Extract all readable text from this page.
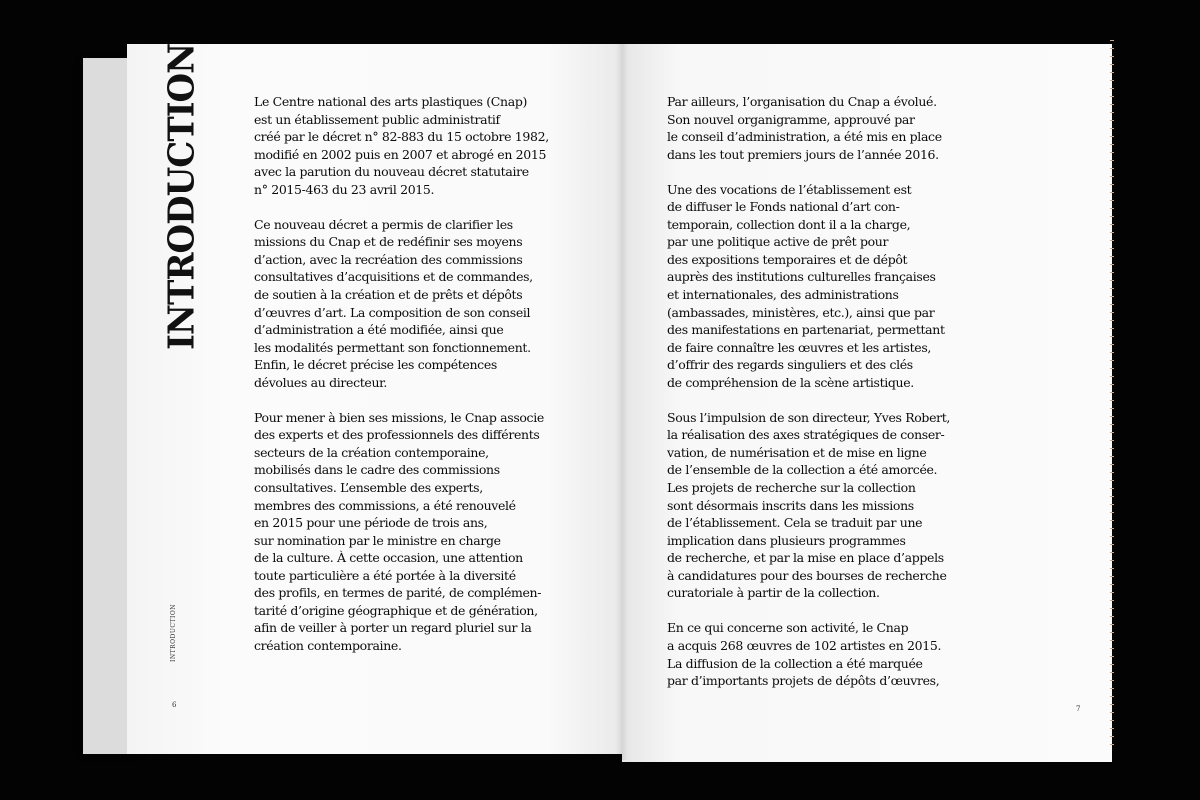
INTRODUCTION
INTRODUCTION
6	7
Le Centre national des arts plastiques (Cnap)
est un établissement public administratif
créé par le décret n° 82-883 du 15 octobre 1982,
modifié en 2002 puis en 2007 et abrogé en 2015
avec la parution du nouveau décret statutaire
n° 2015-463 du 23 avril 2015.
Ce nouveau décret a permis de clarifier les
missions du Cnap et de redéfinir ses moyens
d’action, avec la recréation des commissions
consultatives d’acquisitions et de commandes,
de soutien à la création et de prêts et dépôts
d’œuvres d’art. La composition de son conseil
d’administration a été modifiée, ainsi que
les modalités permettant son fonctionnement.
Enfin, le décret précise les compétences
dévolues au directeur.
Pour mener à bien ses missions, le Cnap associe
des experts et des professionnels des différents
secteurs de la création contemporaine,
mobilisés dans le cadre des commissions
consultatives. L’ensemble des experts,
membres des commissions, a été renouvelé
en 2015 pour une période de trois ans,
sur nomination par le ministre en charge
de la culture. À cette occasion, une attention
toute particulière a été portée à la diversité
des profils, en termes de parité, de complémen-
tarité d’origine géographique et de génération,
afin de veiller à porter un regard pluriel sur la
création contemporaine.
Par ailleurs, l’organisation du Cnap a évolué.
Son nouvel organigramme, approuvé par
le conseil d’administration, a été mis en place
dans les tout premiers jours de l’année 2016.
Une des vocations de l’établissement est
de diffuser le Fonds national d’art con-
temporain, collection dont il a la charge,
par une politique active de prêt pour
des expositions temporaires et de dépôt
auprès des institutions culturelles françaises
et internationales, des administrations
(ambassades, ministères, etc.), ainsi que par
des manifestations en partenariat, permettant
de faire connaître les œuvres et les artistes,
d’offrir des regards singuliers et des clés
de compréhension de la scène artistique.
Sous l’impulsion de son directeur, Yves Robert,
la réalisation des axes stratégiques de conser-
vation, de numérisation et de mise en ligne
de l’ensemble de la collection a été amorcée.
Les projets de recherche sur la collection
sont désormais inscrits dans les missions
de l’établissement. Cela se traduit par une
implication dans plusieurs programmes
de recherche, et par la mise en place d’appels
à candidatures pour des bourses de recherche
curatoriale à partir de la collection.
En ce qui concerne son activité, le Cnap
a acquis 268 œuvres de 102 artistes en 2015.
La diffusion de la collection a été marquée
par d’importants projets de dépôts d’œuvres,
